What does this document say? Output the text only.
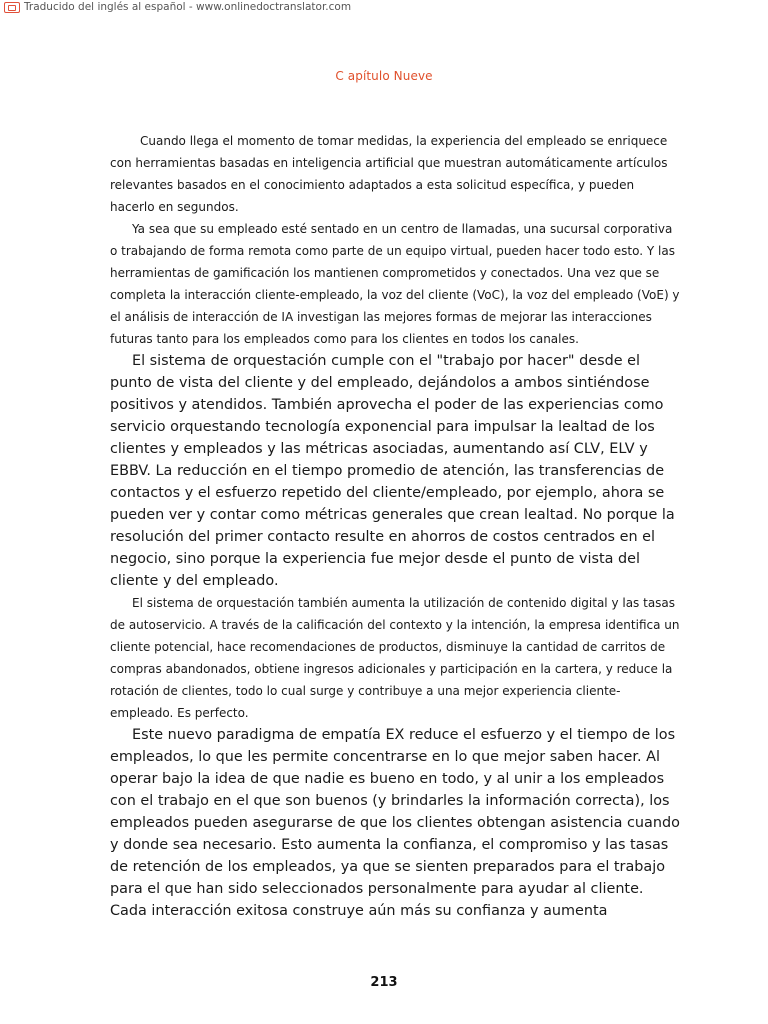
Traducido del inglés al español - www.onlinedoctranslator.com
C apítulo Nueve

Cuando llega el momento de tomar medidas, la experiencia del empleado se enriquece con herramientas basadas en inteligencia artificial que muestran automáticamente artículos relevantes basados en el conocimiento adaptados a esta solicitud específica, y pueden hacerlo en segundos.

Ya sea que su empleado esté sentado en un centro de llamadas, una sucursal corporativa o trabajando de forma remota como parte de un equipo virtual, pueden hacer todo esto. Y las herramientas de gamificación los mantienen comprometidos y conectados. Una vez que se completa la interacción cliente-empleado, la voz del cliente (VoC), la voz del empleado (VoE) y el análisis de interacción de IA investigan las mejores formas de mejorar las interacciones futuras tanto para los empleados como para los clientes en todos los canales.

El sistema de orquestación cumple con el "trabajo por hacer" desde el punto de vista del cliente y del empleado, dejándolos a ambos sintiéndose positivos y atendidos. También aprovecha el poder de las experiencias como servicio orquestando tecnología exponencial para impulsar la lealtad de los clientes y empleados y las métricas asociadas, aumentando así CLV, ELV y EBBV. La reducción en el tiempo promedio de atención, las transferencias de contactos y el esfuerzo repetido del cliente/empleado, por ejemplo, ahora se pueden ver y contar como métricas generales que crean lealtad. No porque la resolución del primer contacto resulte en ahorros de costos centrados en el negocio, sino porque la experiencia fue mejor desde el punto de vista del cliente y del empleado.

El sistema de orquestación también aumenta la utilización de contenido digital y las tasas de autoservicio. A través de la calificación del contexto y la intención, la empresa identifica un cliente potencial, hace recomendaciones de productos, disminuye la cantidad de carritos de compras abandonados, obtiene ingresos adicionales y participación en la cartera, y reduce la rotación de clientes, todo lo cual surge y contribuye a una mejor experiencia cliente-empleado. Es perfecto.

Este nuevo paradigma de empatía EX reduce el esfuerzo y el tiempo de los empleados, lo que les permite concentrarse en lo que mejor saben hacer. Al operar bajo la idea de que nadie es bueno en todo, y al unir a los empleados con el trabajo en el que son buenos (y brindarles la información correcta), los empleados pueden asegurarse de que los clientes obtengan asistencia cuando y donde sea necesario. Esto aumenta la confianza, el compromiso y las tasas de retención de los empleados, ya que se sienten preparados para el trabajo para el que han sido seleccionados personalmente para ayudar al cliente. Cada interacción exitosa construye aún más su confianza y aumenta

213
